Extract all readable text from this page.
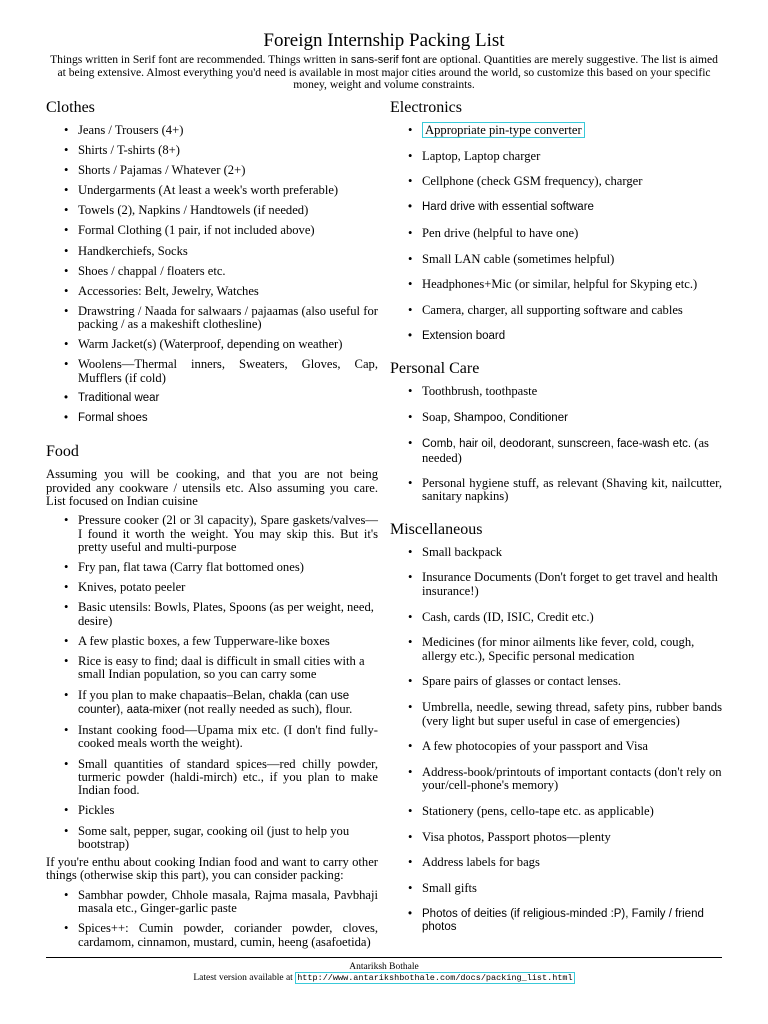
Foreign Internship Packing List
Things written in Serif font are recommended. Things written in sans-serif font are optional. Quantities are merely suggestive. The list is aimed at being extensive. Almost everything you'd need is available in most major cities around the world, so customize this based on your specific money, weight and volume constraints.
Clothes
• Jeans / Trousers (4+)
• Shirts / T-shirts (8+)
• Shorts / Pajamas / Whatever (2+)
• Undergarments (At least a week's worth preferable)
• Towels (2), Napkins / Handtowels (if needed)
• Formal Clothing (1 pair, if not included above)
• Handkerchiefs, Socks
• Shoes / chappal / floaters etc.
• Accessories: Belt, Jewelry, Watches
• Drawstring / Naada for salwaars / pajaamas (also useful for packing / as a makeshift clothesline)
• Warm Jacket(s) (Waterproof, depending on weather)
• Woolens—Thermal inners, Sweaters, Gloves, Cap, Mufflers (if cold)
• Traditional wear
• Formal shoes
Food

Assuming you will be cooking, and that you are not being provided any cookware / utensils etc. Also assuming you care. List focused on Indian cuisine

• Pressure cooker (2l or 3l capacity), Spare gaskets/valves—I found it worth the weight. You may skip this. But it's pretty useful and multi-purpose
• Fry pan, flat tawa (Carry flat bottomed ones)
• Knives, potato peeler
• Basic utensils: Bowls, Plates, Spoons (as per weight, need, desire)
• A few plastic boxes, a few Tupperware-like boxes
• Rice is easy to find; daal is difficult in small cities with a small Indian population, so you can carry some
• If you plan to make chapaatis–Belan, chakla (can use counter), aata-mixer (not really needed as such), flour.
• Instant cooking food—Upama mix etc. (I don't find fully-cooked meals worth the weight).
• Small quantities of standard spices—red chilly powder, turmeric powder (haldi-mirch) etc., if you plan to make Indian food.
• Pickles
• Some salt, pepper, sugar, cooking oil (just to help you bootstrap)

If you're enthu about cooking Indian food and want to carry other things (otherwise skip this part), you can consider packing:

• Sambhar powder, Chhole masala, Rajma masala, Pavbhaji masala etc., Ginger-garlic paste
• Spices++: Cumin powder, coriander powder, cloves, cardamom, cinnamon, mustard, cumin, heeng (asafoetida)
Electronics
• Appropriate pin-type converter
• Laptop, Laptop charger
• Cellphone (check GSM frequency), charger
• Hard drive with essential software
• Pen drive (helpful to have one)
• Small LAN cable (sometimes helpful)
• Headphones+Mic (or similar, helpful for Skyping etc.)
• Camera, charger, all supporting software and cables
• Extension board
Personal Care
• Toothbrush, toothpaste
• Soap, Shampoo, Conditioner
• Comb, hair oil, deodorant, sunscreen, face-wash etc. (as needed)
• Personal hygiene stuff, as relevant (Shaving kit, nailcutter, sanitary napkins)
Miscellaneous
• Small backpack
• Insurance Documents (Don't forget to get travel and health insurance!)
• Cash, cards (ID, ISIC, Credit etc.)
• Medicines (for minor ailments like fever, cold, cough, allergy etc.), Specific personal medication
• Spare pairs of glasses or contact lenses.
• Umbrella, needle, sewing thread, safety pins, rubber bands (very light but super useful in case of emergencies)
• A few photocopies of your passport and Visa
• Address-book/printouts of important contacts (don't rely on your/cell-phone's memory)
• Stationery (pens, cello-tape etc. as applicable)
• Visa photos, Passport photos—plenty
• Address labels for bags
• Small gifts
• Photos of deities (if religious-minded :P), Family / friend photos
Antariksh Bothale
Latest version available at http://www.antarikshbothale.com/docs/packing_list.html
